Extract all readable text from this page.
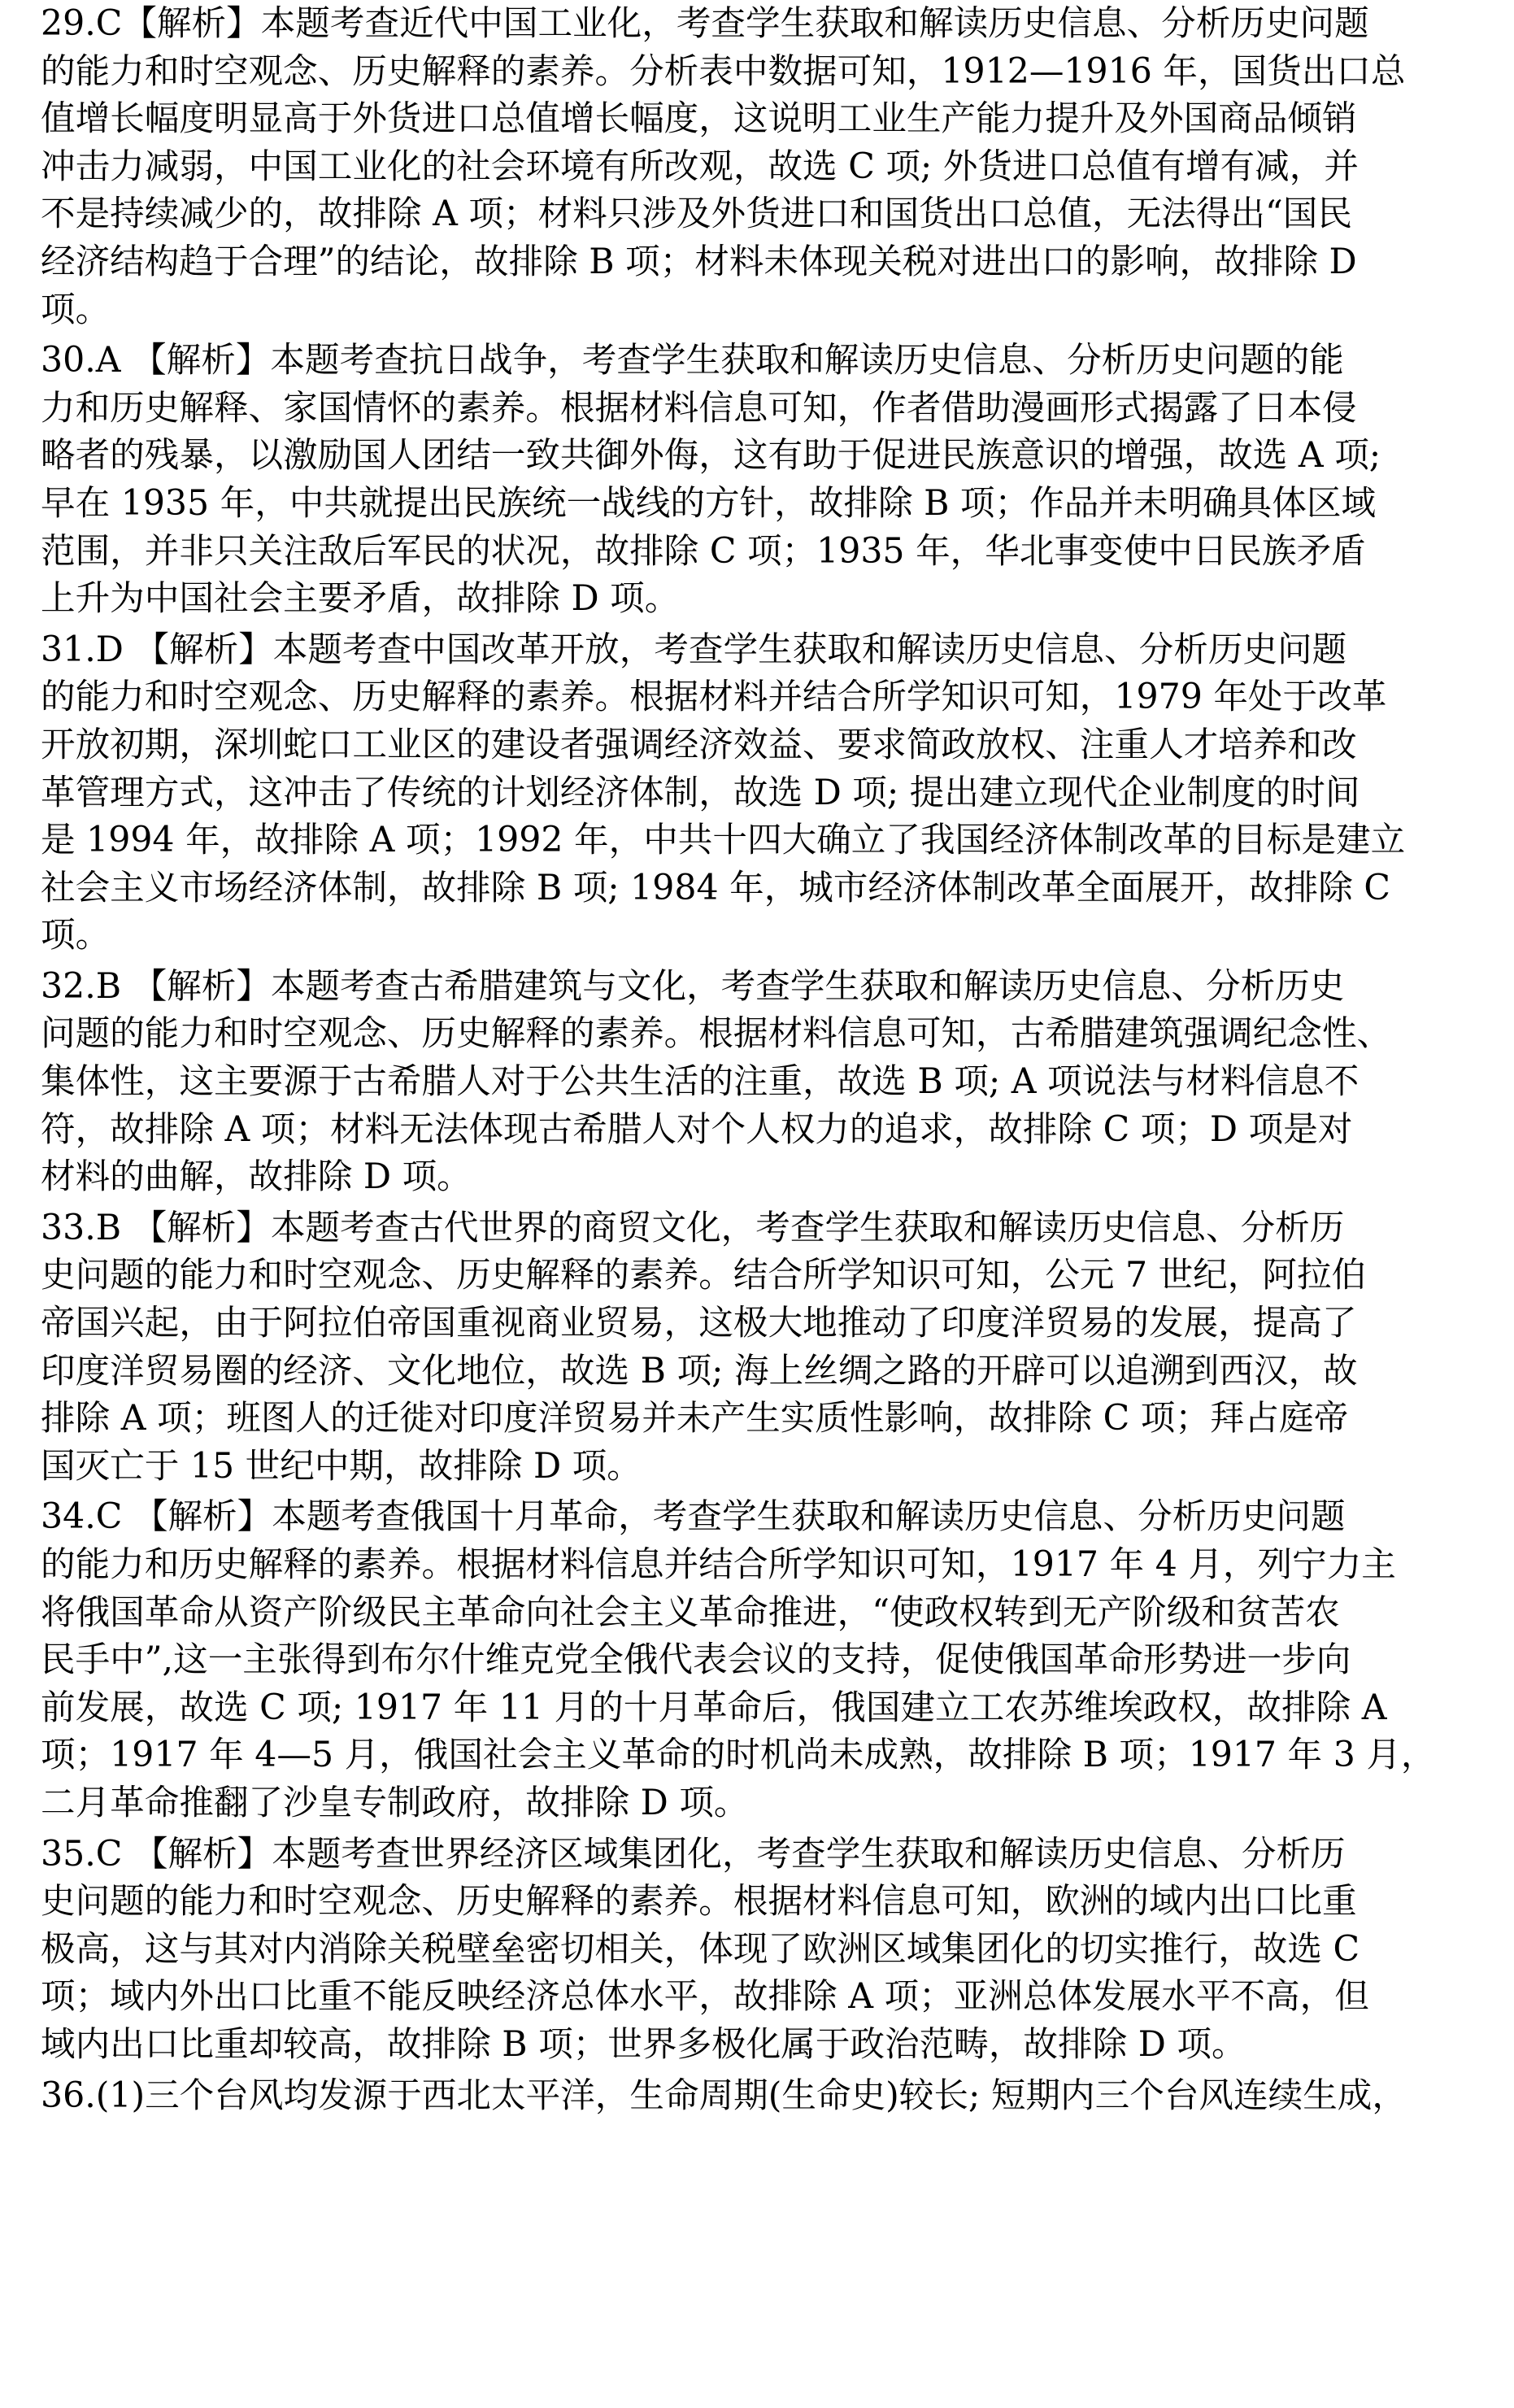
29.C【解析】本题考查近代中国工业化，考查学生获取和解读历史信息、分析历史问题

的能力和时空观念、历史解释的素养。分析表中数据可知，1912—1916 年，国货出口总

值增长幅度明显高于外货进口总值增长幅度，这说明工业生产能力提升及外国商品倾销

冲击力减弱，中国工业化的社会环境有所改观，故选 C 项; 外货进口总值有增有减，并

不是持续减少的，故排除 A 项；材料只涉及外货进口和国货出口总值，无法得出“国民

经济结构趋于合理”的结论，故排除 B 项；材料未体现关税对进出口的影响，故排除 D

项。

30.A 【解析】本题考查抗日战争，考查学生获取和解读历史信息、分析历史问题的能

力和历史解释、家国情怀的素养。根据材料信息可知，作者借助漫画形式揭露了日本侵

略者的残暴，以激励国人团结一致共御外侮，这有助于促进民族意识的增强，故选 A 项;

早在 1935 年，中共就提出民族统一战线的方针，故排除 B 项；作品并未明确具体区域

范围，并非只关注敌后军民的状况，故排除 C 项；1935 年，华北事变使中日民族矛盾

上升为中国社会主要矛盾，故排除 D 项。

31.D 【解析】本题考查中国改革开放，考查学生获取和解读历史信息、分析历史问题

的能力和时空观念、历史解释的素养。根据材料并结合所学知识可知，1979 年处于改革

开放初期，深圳蛇口工业区的建设者强调经济效益、要求简政放权、注重人才培养和改

革管理方式，这冲击了传统的计划经济体制，故选 D 项; 提出建立现代企业制度的时间

是 1994 年，故排除 A 项；1992 年，中共十四大确立了我国经济体制改革的目标是建立

社会主义市场经济体制，故排除 B 项; 1984 年，城市经济体制改革全面展开，故排除 C

项。

32.B 【解析】本题考查古希腊建筑与文化，考查学生获取和解读历史信息、分析历史

问题的能力和时空观念、历史解释的素养。根据材料信息可知，古希腊建筑强调纪念性、

集体性，这主要源于古希腊人对于公共生活的注重，故选 B 项; A 项说法与材料信息不

符，故排除 A 项；材料无法体现古希腊人对个人权力的追求，故排除 C 项；D 项是对

材料的曲解，故排除 D 项。

33.B 【解析】本题考查古代世界的商贸文化，考查学生获取和解读历史信息、分析历

史问题的能力和时空观念、历史解释的素养。结合所学知识可知，公元 7 世纪，阿拉伯

帝国兴起，由于阿拉伯帝国重视商业贸易，这极大地推动了印度洋贸易的发展，提高了

印度洋贸易圈的经济、文化地位，故选 B 项; 海上丝绸之路的开辟可以追溯到西汉，故

排除 A 项；班图人的迁徙对印度洋贸易并未产生实质性影响，故排除 C 项；拜占庭帝

国灭亡于 15 世纪中期，故排除 D 项。

34.C 【解析】本题考查俄国十月革命，考查学生获取和解读历史信息、分析历史问题

的能力和历史解释的素养。根据材料信息并结合所学知识可知，1917 年 4 月，列宁力主

将俄国革命从资产阶级民主革命向社会主义革命推进，“使政权转到无产阶级和贫苦农

民手中”,这一主张得到布尔什维克党全俄代表会议的支持，促使俄国革命形势进一步向

前发展，故选 C 项; 1917 年 11 月的十月革命后，俄国建立工农苏维埃政权，故排除 A

项；1917 年 4—5 月，俄国社会主义革命的时机尚未成熟，故排除 B 项；1917 年 3 月，

二月革命推翻了沙皇专制政府，故排除 D 项。

35.C 【解析】本题考查世界经济区域集团化，考查学生获取和解读历史信息、分析历

史问题的能力和时空观念、历史解释的素养。根据材料信息可知，欧洲的域内出口比重

极高，这与其对内消除关税壁垒密切相关，体现了欧洲区域集团化的切实推行，故选 C

项；域内外出口比重不能反映经济总体水平，故排除 A 项；亚洲总体发展水平不高，但

域内出口比重却较高，故排除 B 项；世界多极化属于政治范畴，故排除 D 项。

36.(1)三个台风均发源于西北太平洋，生命周期(生命史)较长; 短期内三个台风连续生成，
